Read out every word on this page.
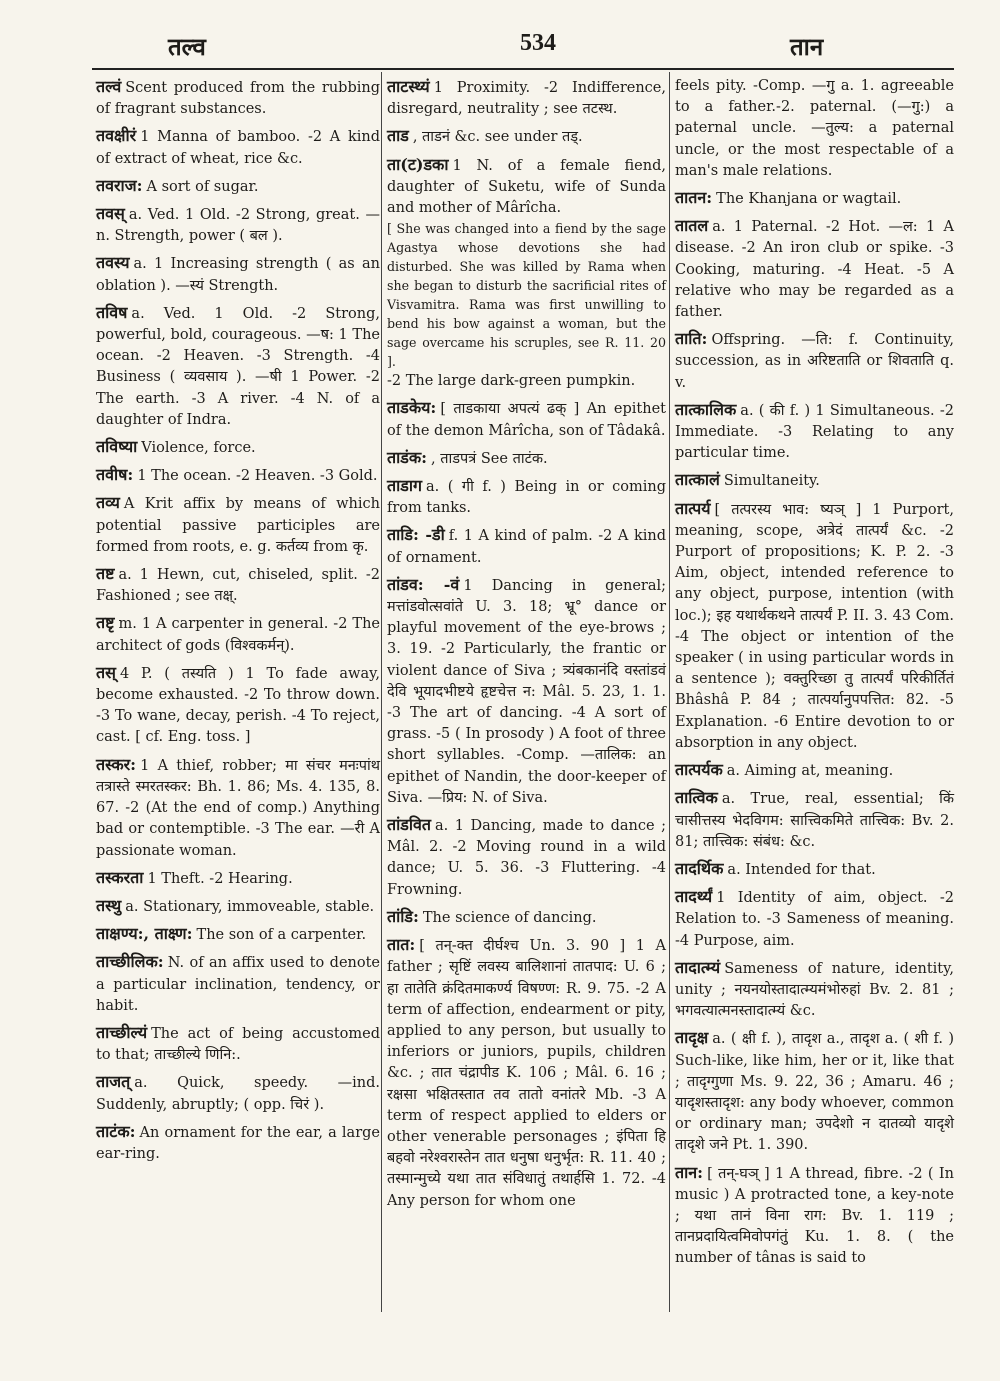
तल्व	534	तान

तल्वं Scent produced from the rubbing of fragrant substances.

तवक्षीरं 1 Manna of bamboo. -2 A kind of extract of wheat, rice &c.

तवराज: A sort of sugar.

तवस् a. Ved. 1 Old. -2 Strong, great. —n. Strength, power ( बल ).

तवस्य a. 1 Increasing strength ( as an oblation ). —स्यं Strength.

तविष a. Ved. 1 Old. -2 Strong, powerful, bold, courageous. —ष: 1 The ocean. -2 Heaven. -3 Strength. -4 Business ( व्यवसाय ). —षी 1 Power. -2 The earth. -3 A river. -4 N. of a daughter of Indra.

तविष्या Violence, force.

तवीष: 1 The ocean. -2 Heaven. -3 Gold.

तव्य A Krit affix by means of which potential passive participles are formed from roots, e. g. कर्तव्य from कृ.

तष्ट a. 1 Hewn, cut, chiseled, split. -2 Fashioned ; see तक्ष्.

तष्टृ m. 1 A carpenter in general. -2 The architect of gods (विश्वकर्मन्).

तस् 4 P. ( तस्यति ) 1 To fade away, become exhausted. -2 To throw down. -3 To wane, decay, perish. -4 To reject, cast. [ cf. Eng. toss. ]

तस्कर: 1 A thief, robber; मा संचर मनःपांथ तत्रास्ते स्मरतस्कर: Bh. 1. 86; Ms. 4. 135, 8. 67. -2 (At the end of comp.) Anything bad or contemptible. -3 The ear. —री A passionate woman.

तस्करता 1 Theft. -2 Hearing.

तस्थु a. Stationary, immoveable, stable.

ताक्षण्य:, ताक्ष्ण: The son of a carpenter.

ताच्छीलिक: N. of an affix used to denote a particular inclination, tendency, or habit.

ताच्छील्यं The act of being accustomed to that; ताच्छील्ये णिनि:.

ताजत् a. Quick, speedy. —ind. Suddenly, abruptly; ( opp. चिरं ).

ताटंक: An ornament for the ear, a large ear-ring.

ताटस्थ्यं 1 Proximity. -2 Indifference, disregard, neutrality ; see तटस्थ.

ताड , ताडनं &c. see under तड्.

ता(ट)डका 1 N. of a female fiend, daughter of Suketu, wife of Sunda and mother of Mârîcha.
[ She was changed into a fiend by the sage Agastya whose devotions she had disturbed. She was killed by Rama when she began to disturb the sacrificial rites of Visvamitra. Rama was first unwilling to bend his bow against a woman, but the sage overcame his scruples, see R. 11. 20 ].
-2 The large dark-green pumpkin.

ताडकेय: [ ताडकाया अपत्यं ढक् ] An epithet of the demon Mârîcha, son of Tâdakâ.

ताडंक: , ताडपत्रं See ताटंक.

ताडाग a. ( गी f. ) Being in or coming from tanks.

ताडि: -डी f. 1 A kind of palm. -2 A kind of ornament.

तांडव: -वं 1 Dancing in general; मत्तांडवोत्सवांते U. 3. 18; भ्रू° dance or playful movement of the eye-brows ; 3. 19. -2 Particularly, the frantic or violent dance of Siva ; त्र्यंबकानंदि वस्तांडवं देवि भूयादभीष्टये हृष्टचेत्त न: Mâl. 5. 23, 1. 1. -3 The art of dancing. -4 A sort of grass. -5 ( In prosody ) A foot of three short syllables. -Comp. —तालिक: an epithet of Nandin, the door-keeper of Siva. —प्रिय: N. of Siva.

तांडवित a. 1 Dancing, made to dance ; Mâl. 2. -2 Moving round in a wild dance; U. 5. 36. -3 Fluttering. -4 Frowning.

तांडि: The science of dancing.

तात: [ तन्-क्त दीर्घश्च Un. 3. 90 ] 1 A father ; सृष्टिं लवस्य बालिशानां तातपाद: U. 6 ; हा तातेति क्रंदितमाकर्ण्य विषण्ण: R. 9. 75. -2 A term of affection, endearment or pity, applied to any person, but usually to inferiors or juniors, pupils, children &c. ; तात चंद्रापीड K. 106 ; Mâl. 6. 16 ; रक्षसा भक्षितस्तात तव तातो वनांतरे Mb. -3 A term of respect applied to elders or other venerable personages ; इंपिता हि बहवो नरेश्वरास्तेन तात धनुषा धनुर्भृत: R. 11. 40 ; तस्मान्मुच्ये यथा तात संविधातुं तथार्हसि 1. 72. -4 Any person for whom one

feels pity. -Comp. —गु a. 1. agreeable to a father.-2. paternal. (—गु:) a paternal uncle. —तुल्य: a paternal uncle, or the most respectable of a man's male relations.

तातन: The Khanjana or wagtail.

तातल a. 1 Paternal. -2 Hot. —ल: 1 A disease. -2 An iron club or spike. -3 Cooking, maturing. -4 Heat. -5 A relative who may be regarded as a father.

ताति: Offspring. —ति: f. Continuity, succession, as in अरिष्टताति or शिवताति q. v.

तात्कालिक a. ( की f. ) 1 Simultaneous. -2 Immediate. -3 Relating to any particular time.

तात्कालं Simultaneity.

तात्पर्य [ तत्परस्य भाव: ष्यञ् ] 1 Purport, meaning, scope, अत्रेदं तात्पर्यं &c. -2 Purport of propositions; K. P. 2. -3 Aim, object, intended reference to any object, purpose, intention (with loc.); इह यथार्थकथने तात्पर्यं P. II. 3. 43 Com. -4 The object or intention of the speaker ( in using particular words in a sentence ); वक्तुरिच्छा तु तात्पर्यं परिकीर्तितं Bhâshâ P. 84 ; तात्पर्यानुपपत्तित: 82. -5 Explanation. -6 Entire devotion to or absorption in any object.

तात्पर्यक a. Aiming at, meaning.

तात्विक a. True, real, essential; किं चासीत्तस्य भेदविगम: सात्त्विकमिते तात्त्विक: Bv. 2. 81; तात्त्विक: संबंध: &c.

तादर्थिक a. Intended for that.

तादर्थ्यं 1 Identity of aim, object. -2 Relation to. -3 Sameness of meaning. -4 Purpose, aim.

तादात्म्यं Sameness of nature, identity, unity ; नयनयोस्तादात्म्यमंभोरुहां Bv. 2. 81 ; भगवत्यात्मनस्तादात्म्यं &c.

तादृक्ष a. ( क्षी f. ), तादृश a., तादृश a. ( शी f. ) Such-like, like him, her or it, like that ; तादृग्गुणा Ms. 9. 22, 36 ; Amaru. 46 ; यादृशस्तादृश: any body whoever, common or ordinary man; उपदेशो न दातव्यो यादृशे तादृशे जने Pt. 1. 390.

तान: [ तन्-घञ् ] 1 A thread, fibre. -2 ( In music ) A protracted tone, a key-note ; यथा तानं विना राग: Bv. 1. 119 ; तानप्रदायित्वमिवोपगंतुं Ku. 1. 8. ( the number of tânas is said to
